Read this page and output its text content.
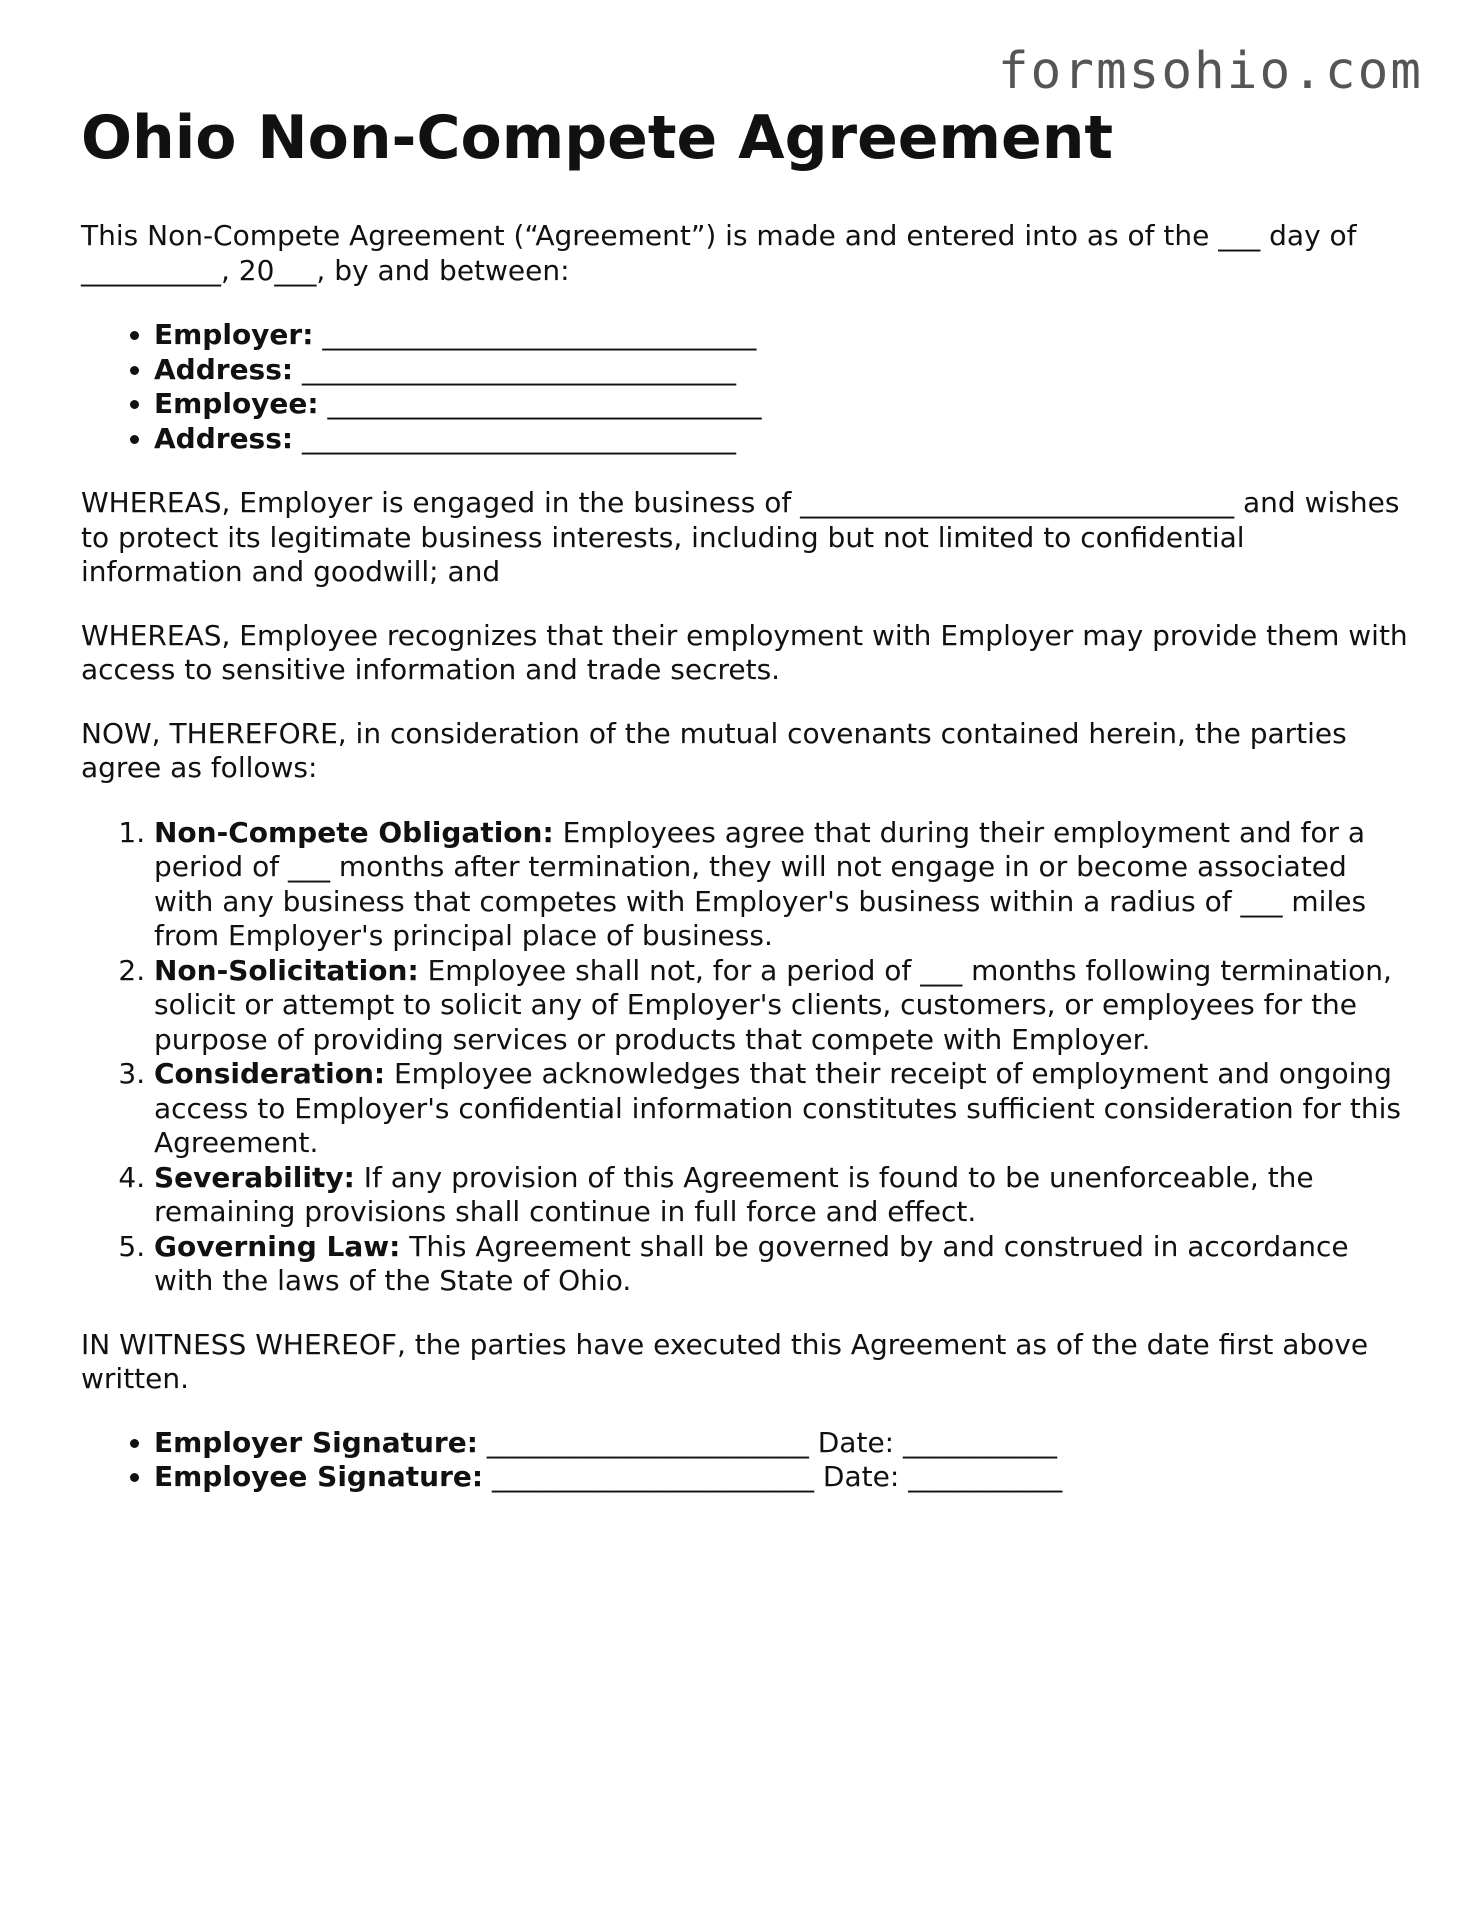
formsohio.com
Ohio Non-Compete Agreement

This Non-Compete Agreement (“Agreement”) is made and entered into as of the ___ day of __________, 20___, by and between:

• Employer: _______________________________
• Address: _______________________________
• Employee: _______________________________
• Address: _______________________________

WHEREAS, Employer is engaged in the business of _______________________________ and wishes to protect its legitimate business interests, including but not limited to confidential information and goodwill; and

WHEREAS, Employee recognizes that their employment with Employer may provide them with access to sensitive information and trade secrets.

NOW, THEREFORE, in consideration of the mutual covenants contained herein, the parties agree as follows:

1. Non-Compete Obligation: Employees agree that during their employment and for a period of ___ months after termination, they will not engage in or become associated with any business that competes with Employer's business within a radius of ___ miles from Employer's principal place of business.
2. Non-Solicitation: Employee shall not, for a period of ___ months following termination, solicit or attempt to solicit any of Employer's clients, customers, or employees for the purpose of providing services or products that compete with Employer.
3. Consideration: Employee acknowledges that their receipt of employment and ongoing access to Employer's confidential information constitutes sufficient consideration for this Agreement.
4. Severability: If any provision of this Agreement is found to be unenforceable, the remaining provisions shall continue in full force and effect.
5. Governing Law: This Agreement shall be governed by and construed in accordance with the laws of the State of Ohio.

IN WITNESS WHEREOF, the parties have executed this Agreement as of the date first above written.

• Employer Signature: _______________________ Date: ___________
• Employee Signature: _______________________ Date: ___________
